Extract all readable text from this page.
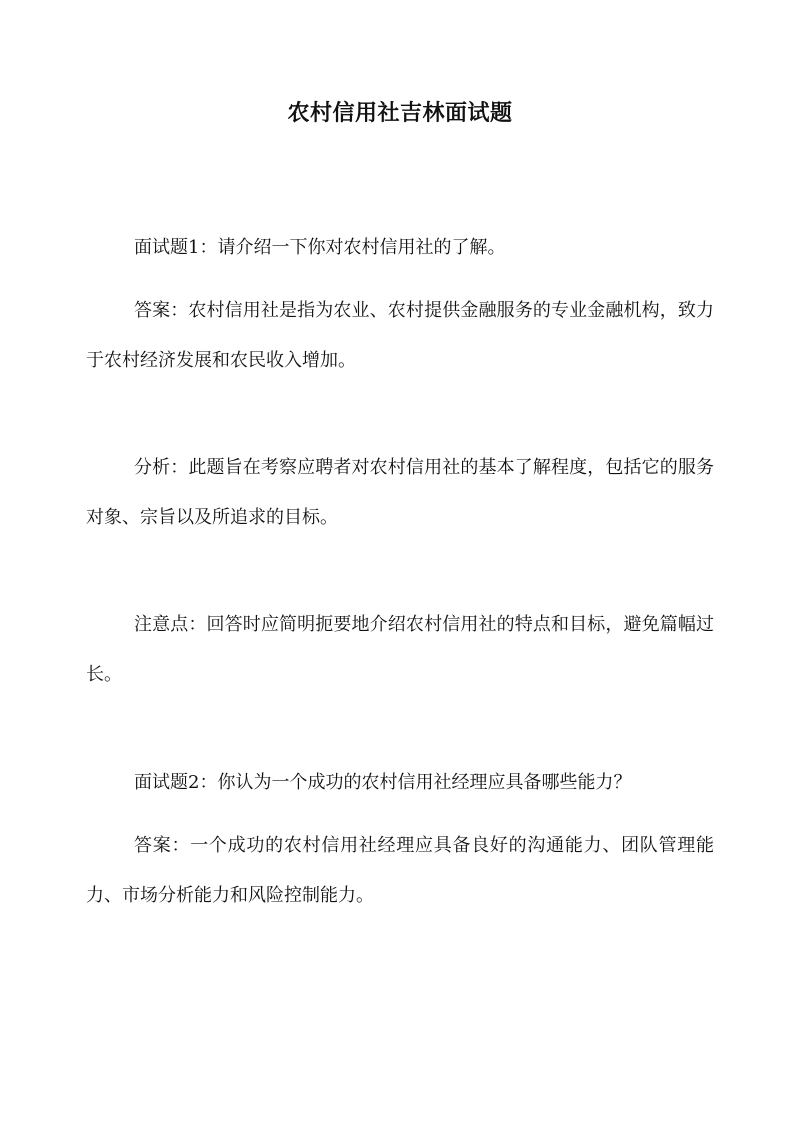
农村信用社吉林面试题

面试题1：请介绍一下你对农村信用社的了解。

答案：农村信用社是指为农业、农村提供金融服务的专业金融机构，致力于农村经济发展和农民收入增加。

分析：此题旨在考察应聘者对农村信用社的基本了解程度，包括它的服务对象、宗旨以及所追求的目标。

注意点：回答时应简明扼要地介绍农村信用社的特点和目标，避免篇幅过长。

面试题2：你认为一个成功的农村信用社经理应具备哪些能力？

答案：一个成功的农村信用社经理应具备良好的沟通能力、团队管理能力、市场分析能力和风险控制能力。
